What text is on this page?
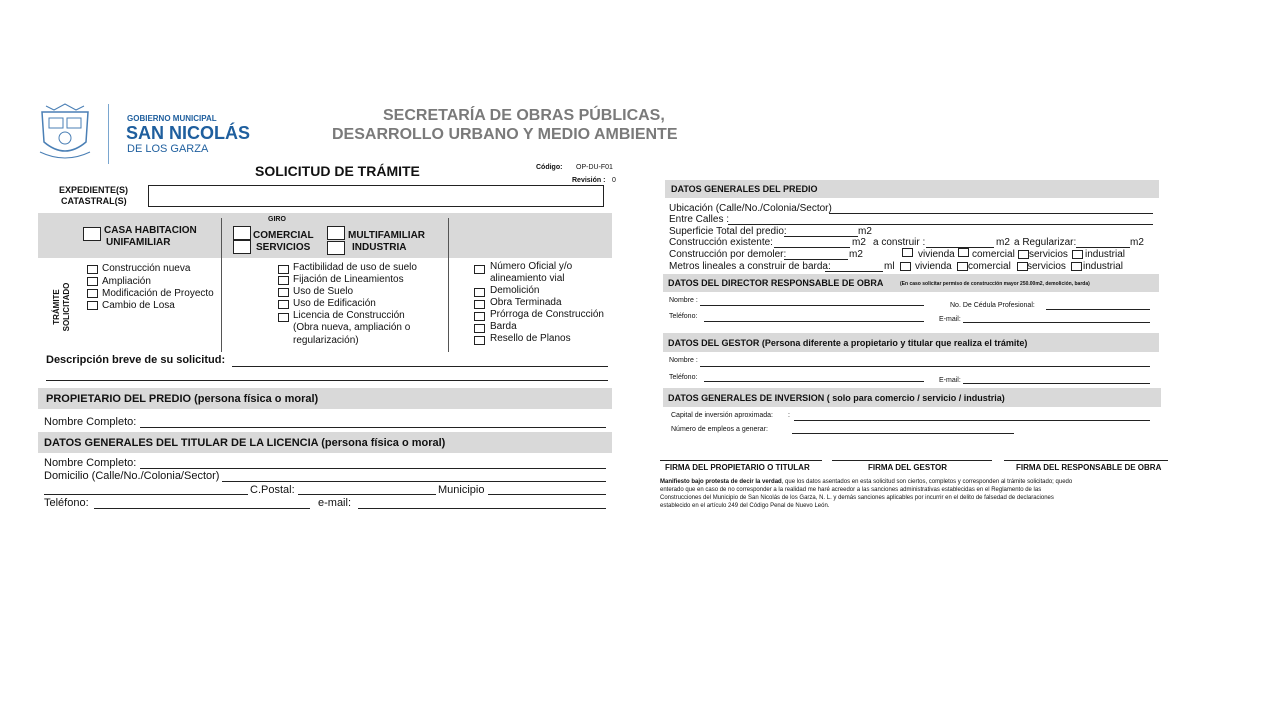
GOBIERNO MUNICIPAL
SAN NICOLÁS
DE LOS GARZA
SECRETARÍA DE OBRAS PÚBLICAS,
DESARROLLO URBANO Y MEDIO AMBIENTE
SOLICITUD DE TRÁMITE	Código: OP-DU-F01
Revisión : 0
EXPEDIENTE(S)
CATASTRAL(S)
GIRO
CASA HABITACION
UNIFAMILIAR
COMERCIAL
SERVICIOS
MULTIFAMILIAR
INDUSTRIA
TRÁMITE SOLICITADO
Construcción nueva
Ampliación
Modificación de Proyecto
Cambio de Losa
Factibilidad de uso de suelo
Fijación de Lineamientos
Uso de Suelo
Uso de Edificación
Licencia de Construcción
(Obra nueva, ampliación o
regularización)
Número Oficial y/o
alineamiento vial
Demolición
Obra Terminada
Prórroga de Construcción
Barda
Resello de Planos
Descripción breve de su solicitud:
PROPIETARIO DEL PREDIO (persona física o moral)
Nombre Completo:
DATOS GENERALES DEL TITULAR DE LA LICENCIA (persona física o moral)
Nombre Completo:
Domicilio (Calle/No./Colonia/Sector)
C.Postal:	Municipio
Teléfono:	e-mail:
DATOS GENERALES DEL PREDIO
Ubicación (Calle/No./Colonia/Sector)
Entre Calles :
Superficie Total del predio:	m2
Construcción existente:	m2 a construir :	m2 a Regularizar:	m2
Construcción por demoler:	m2	vivienda comercial servicios industrial
Metros lineales a construir de barda:	ml vivienda comercial servicios industrial
DATOS DEL DIRECTOR RESPONSABLE DE OBRA	(En caso solicitar permiso de construcción mayor 250.00m2, demolición, barda)
Nombre :
No. De Cédula Profesional:
Teléfono:	E-mail:
DATOS DEL GESTOR (Persona diferente a propietario y titular que realiza el trámite)
Nombre :
Teléfono:	E-mail:
DATOS GENERALES DE INVERSION ( solo para comercio / servicio / industria)
Capital de inversión aproximada: :
Número de empleos a generar:
FIRMA DEL PROPIETARIO O TITULAR	FIRMA DEL GESTOR	FIRMA DEL RESPONSABLE DE OBRA
Manifiesto bajo protesta de decir la verdad, que los datos asentados en esta solicitud son ciertos, completos y corresponden al trámite solicitado; quedo
enterado que en caso de no corresponder a la realidad me haré acreedor a las sanciones administrativas establecidas en el Reglamento de las
Construcciones del Municipio de San Nicolás de los Garza, N. L. y demás sanciones aplicables por incurrir en el delito de falsedad de declaraciones
establecido en el artículo 249 del Código Penal de Nuevo León.
